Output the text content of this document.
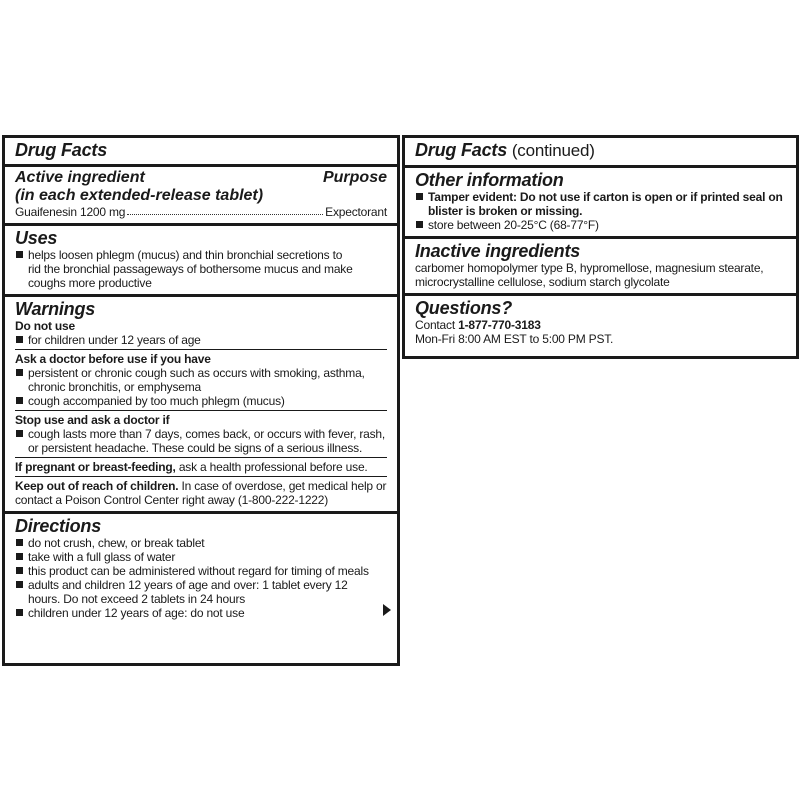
Drug Facts
Active ingredient	Purpose
(in each extended-release tablet)
Guaifenesin 1200 mg	Expectorant
Uses
helps loosen phlegm (mucus) and thin bronchial secretions to rid the bronchial passageways of bothersome mucus and make coughs more productive
Warnings
Do not use
for children under 12 years of age
Ask a doctor before use if you have
persistent or chronic cough such as occurs with smoking, asthma, chronic bronchitis, or emphysema
cough accompanied by too much phlegm (mucus)
Stop use and ask a doctor if
cough lasts more than 7 days, comes back, or occurs with fever, rash, or persistent headache. These could be signs of a serious illness.
If pregnant or breast-feeding, ask a health professional before use.
Keep out of reach of children. In case of overdose, get medical help or contact a Poison Control Center right away (1-800-222-1222)
Directions
do not crush, chew, or break tablet
take with a full glass of water
this product can be administered without regard for timing of meals
adults and children 12 years of age and over: 1 tablet every 12 hours. Do not exceed 2 tablets in 24 hours
children under 12 years of age: do not use
Drug Facts (continued)
Other information
Tamper evident: Do not use if carton is open or if printed seal on blister is broken or missing.
store between 20-25°C (68-77°F)
Inactive ingredients
carbomer homopolymer type B, hypromellose, magnesium stearate, microcrystalline cellulose, sodium starch glycolate
Questions?
Contact 1-877-770-3183
Mon-Fri 8:00 AM EST to 5:00 PM PST.
